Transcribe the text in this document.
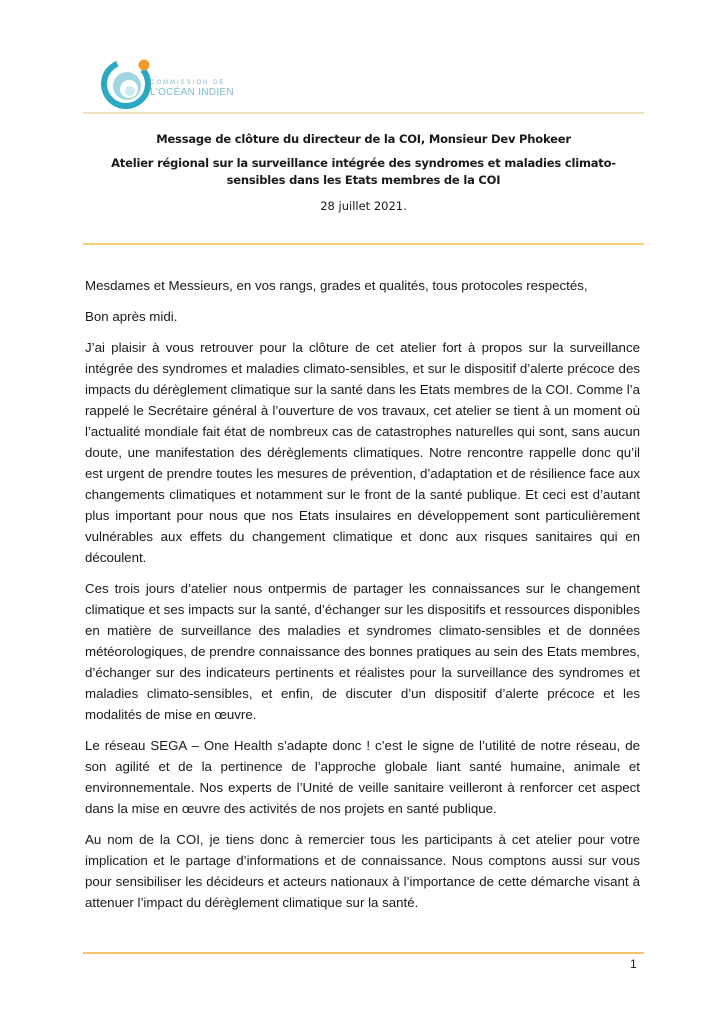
COMMISSION DE
L'OCÉAN INDIEN

Message de clôture du directeur de la COI, Monsieur Dev Phokeer

Atelier régional sur la surveillance intégrée des syndromes et maladies climato-sensibles dans les Etats membres de la COI

28 juillet 2021.

Mesdames et Messieurs, en vos rangs, grades et qualités, tous protocoles respectés,

Bon après midi.

J’ai plaisir à vous retrouver pour la clôture de cet atelier fort à propos sur la surveillance intégrée des syndromes et maladies climato-sensibles, et sur le dispositif d’alerte précoce des impacts du dérèglement climatique sur la santé dans les Etats membres de la COI. Comme l’a rappelé le Secrétaire général à l’ouverture de vos travaux, cet atelier se tient à un moment où l’actualité mondiale fait état de nombreux cas de catastrophes naturelles qui sont, sans aucun doute, une manifestation des dérèglements climatiques. Notre rencontre rappelle donc qu’il est urgent de prendre toutes les mesures de prévention, d’adaptation et de résilience face aux changements climatiques et notamment sur le front de la santé publique. Et ceci est d’autant plus important pour nous que nos Etats insulaires en développement sont particulièrement vulnérables aux effets du changement climatique et donc aux risques sanitaires qui en découlent.

Ces trois jours d’atelier nous ontpermis de partager les connaissances sur le changement climatique et ses impacts sur la santé, d’échanger sur les dispositifs et ressources disponibles en matière de surveillance des maladies et syndromes climato-sensibles et de données météorologiques, de prendre connaissance des bonnes pratiques au sein des Etats membres, d’échanger sur des indicateurs pertinents et réalistes pour la surveillance des syndromes et maladies climato-sensibles, et enfin, de discuter d’un dispositif d’alerte précoce et les modalités de mise en œuvre.

Le réseau SEGA – One Health s’adapte donc ! c’est le signe de l’utilité de notre réseau, de son agilité et de la pertinence de l’approche globale liant santé humaine, animale et environnementale. Nos experts de l’Unité de veille sanitaire veilleront à renforcer cet aspect dans la mise en œuvre des activités de nos projets en santé publique.

Au nom de la COI, je tiens donc à remercier tous les participants à cet atelier pour votre implication et le partage d’informations et de connaissance. Nous comptons aussi sur vous pour sensibiliser les décideurs et acteurs nationaux à l’importance de cette démarche visant à attenuer l’impact du dérèglement climatique sur la santé.

1
